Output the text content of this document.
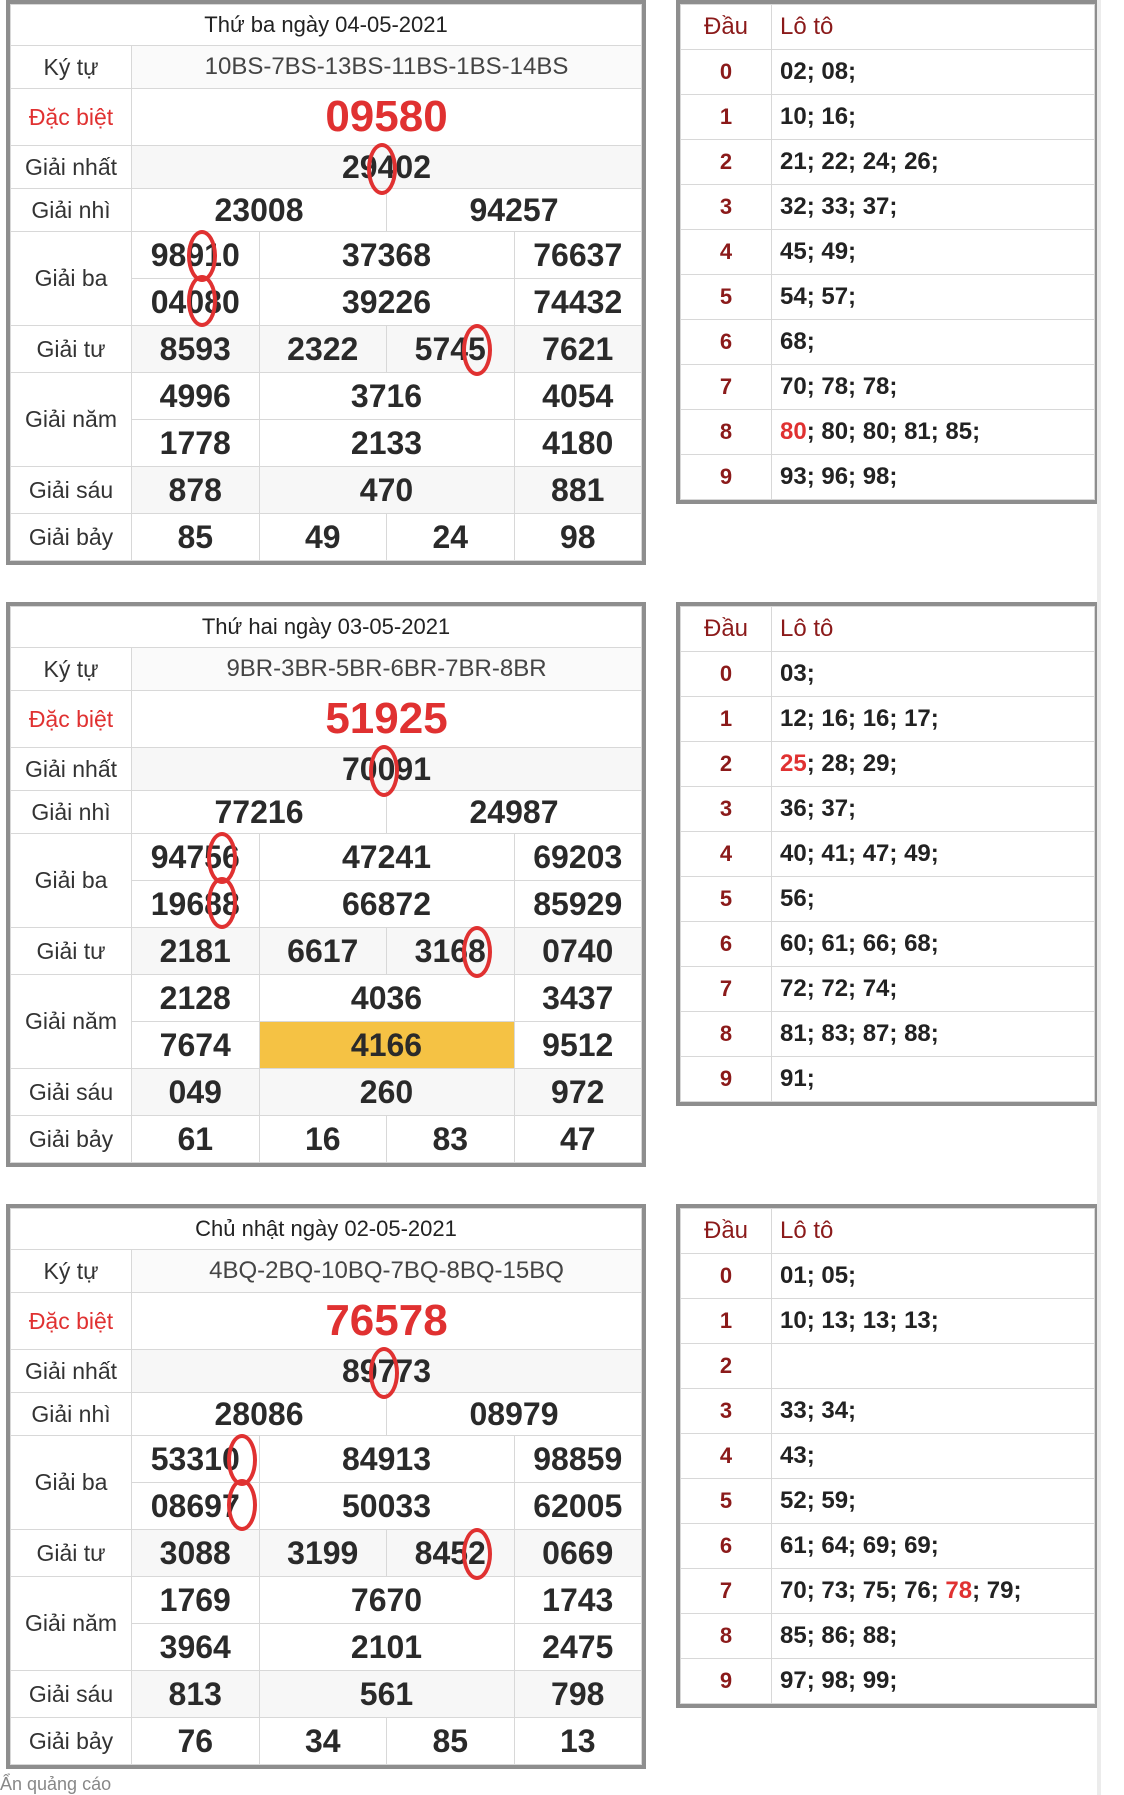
Thứ ba ngày 04-05-2021				
Ký tự	10BS-7BS-13BS-11BS-1BS-14BS			
Đặc biệt	09580			
Giải nhất	29402			

Giải nhì	23008		94257	
Giải ba	98910	37368		76637
	04080	39226		74432
Giải tư	8593	2322	5745	7621
Giải năm	4996	3716		4054
	1778	2133		4180
Giải sáu	878	470		881
Giải bảy	85	49	24	98
Đầu	Lô tô
0	02; 08;
1	10; 16;
2	21; 22; 24; 26;
3	32; 33; 37;
4	45; 49;
5	54; 57;
6	68;
7	70; 78; 78;
8	80; 80; 80; 81; 85;
9	93; 96; 98;
Thứ hai ngày 03-05-2021				
Ký tự	9BR-3BR-5BR-6BR-7BR-8BR			
Đặc biệt	51925			
Giải nhất	70091			

Giải nhì	77216		24987	
Giải ba	94756	47241		69203
	19688	66872		85929
Giải tư	2181	6617	3168	0740
Giải năm	2128	4036		3437
	7674	4166		9512
Giải sáu	049	260		972
Giải bảy	61	16	83	47
Đầu	Lô tô
0	03;
1	12; 16; 16; 17;
2	25; 28; 29;
3	36; 37;
4	40; 41; 47; 49;
5	56;
6	60; 61; 66; 68;
7	72; 72; 74;
8	81; 83; 87; 88;
9	91;
Chủ nhật ngày 02-05-2021				
Ký tự	4BQ-2BQ-10BQ-7BQ-8BQ-15BQ			
Đặc biệt	76578			
Giải nhất	89773			

Giải nhì	28086		08979	
Giải ba	53310	84913		98859
	08697	50033		62005
Giải tư	3088	3199	8452	0669
Giải năm	1769	7670		1743
	3964	2101		2475
Giải sáu	813	561		798
Giải bảy	76	34	85	13
Đầu	Lô tô
0	01; 05;
1	10; 13; 13; 13;
2	
3	33; 34;
4	43;
5	52; 59;
6	61; 64; 69; 69;
7	70; 73; 75; 76; 78; 79;
8	85; 86; 88;
9	97; 98; 99;
Ẩn quảng cáo
